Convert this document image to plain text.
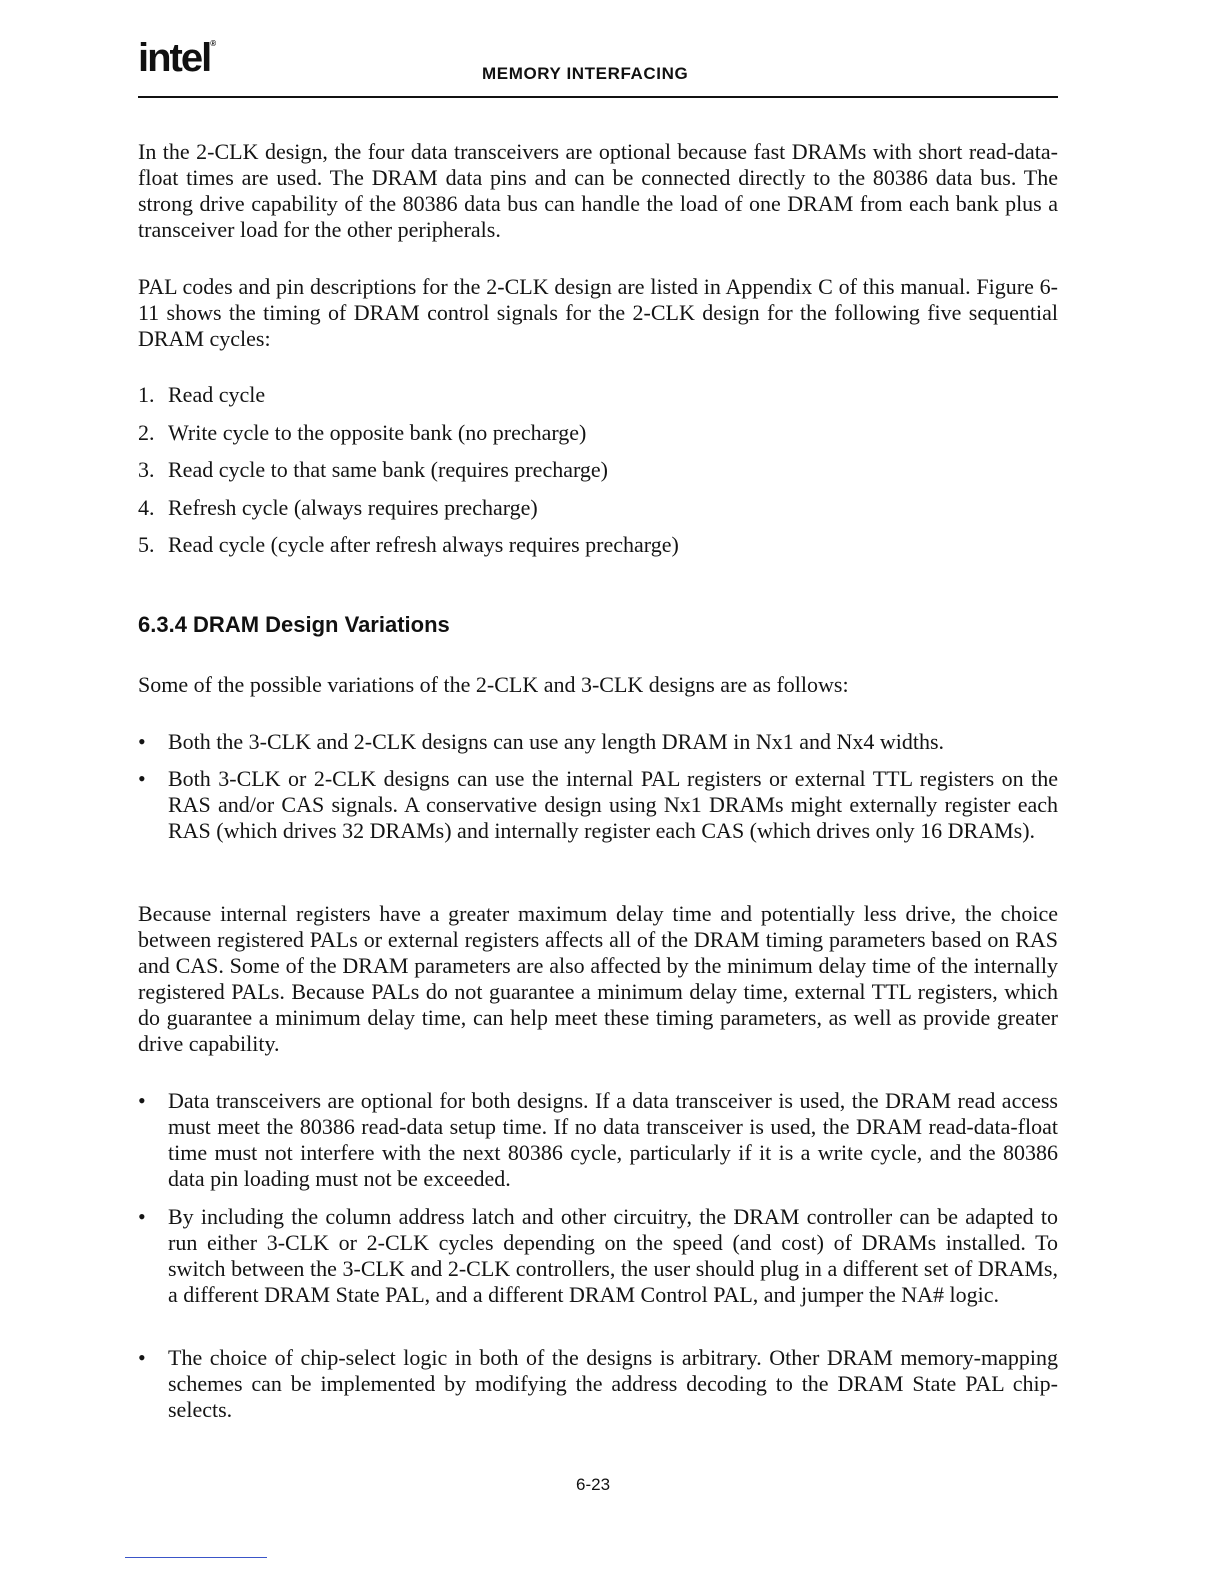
intel®
MEMORY INTERFACING

In the 2-CLK design, the four data transceivers are optional because fast DRAMs with short read-data-float times are used. The DRAM data pins and can be connected directly to the 80386 data bus. The strong drive capability of the 80386 data bus can handle the load of one DRAM from each bank plus a transceiver load for the other peripherals.

PAL codes and pin descriptions for the 2-CLK design are listed in Appendix C of this manual. Figure 6-11 shows the timing of DRAM control signals for the 2-CLK design for the following five sequential DRAM cycles:

1. Read cycle
2. Write cycle to the opposite bank (no precharge)
3. Read cycle to that same bank (requires precharge)
4. Refresh cycle (always requires precharge)
5. Read cycle (cycle after refresh always requires precharge)
6.3.4 DRAM Design Variations

Some of the possible variations of the 2-CLK and 3-CLK designs are as follows:

• Both the 3-CLK and 2-CLK designs can use any length DRAM in Nx1 and Nx4 widths.

• Both 3-CLK or 2-CLK designs can use the internal PAL registers or external TTL registers on the RAS and/or CAS signals. A conservative design using Nx1 DRAMs might externally register each RAS (which drives 32 DRAMs) and internally register each CAS (which drives only 16 DRAMs).

Because internal registers have a greater maximum delay time and potentially less drive, the choice between registered PALs or external registers affects all of the DRAM timing parameters based on RAS and CAS. Some of the DRAM parameters are also affected by the minimum delay time of the internally registered PALs. Because PALs do not guarantee a minimum delay time, external TTL registers, which do guarantee a minimum delay time, can help meet these timing parameters, as well as provide greater drive capability.

• Data transceivers are optional for both designs. If a data transceiver is used, the DRAM read access must meet the 80386 read-data setup time. If no data transceiver is used, the DRAM read-data-float time must not interfere with the next 80386 cycle, particularly if it is a write cycle, and the 80386 data pin loading must not be exceeded.

• By including the column address latch and other circuitry, the DRAM controller can be adapted to run either 3-CLK or 2-CLK cycles depending on the speed (and cost) of DRAMs installed. To switch between the 3-CLK and 2-CLK controllers, the user should plug in a different set of DRAMs, a different DRAM State PAL, and a different DRAM Control PAL, and jumper the NA# logic.

• The choice of chip-select logic in both of the designs is arbitrary. Other DRAM memory-mapping schemes can be implemented by modifying the address decoding to the DRAM State PAL chip-selects.

6-23
